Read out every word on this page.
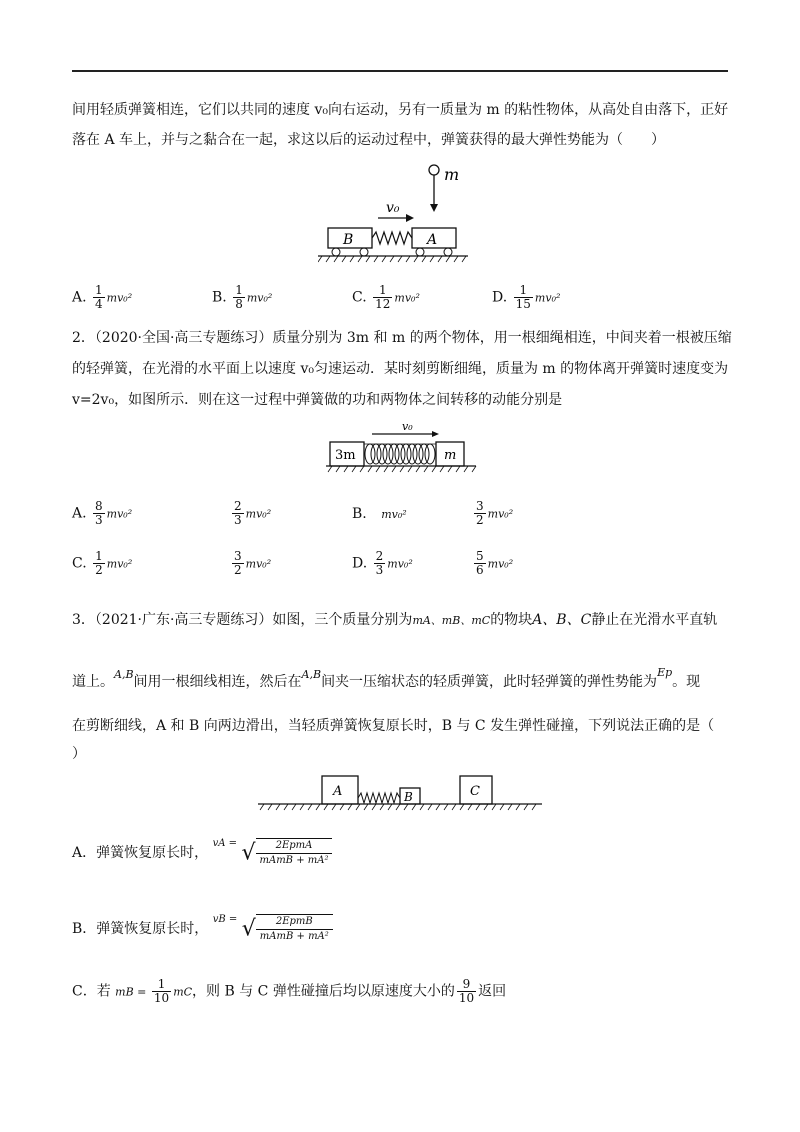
间用轻质弹簧相连，它们以共同的速度 v₀向右运动，另有一质量为 m 的粘性物体，从高处自由落下，正好
落在 A 车上，并与之黏合在一起，求这以后的运动过程中，弹簧获得的最大弹性势能为（　　）
m
v₀
B	A
A. $\frac{1}{4} mv_0^2$	B. $\frac{1}{8} mv_0^2$	C. $\frac{1}{12} mv_0^2$	D. $\frac{1}{15} mv_0^2$
2．（2020·全国·高三专题练习）质量分别为 3m 和 m 的两个物体，用一根细绳相连，中间夹着一根被压缩
的轻弹簧，在光滑的水平面上以速度 v₀匀速运动．某时刻剪断细绳，质量为 m 的物体离开弹簧时速度变为
v=2v₀，如图所示．则在这一过程中弹簧做的功和两物体之间转移的动能分别是
v₀
3m	m
A. $\frac{8}{3} mv_0^2$	$\frac{2}{3} mv_0^2$	B. mv₀²	$\frac{3}{2} mv_0^2$
C. $\frac{1}{2} mv_0^2$	$\frac{3}{2} mv_0^2$	D. $\frac{2}{3} mv_0^2$	$\frac{5}{6} mv_0^2$
3．（2021·广东·高三专题练习）如图，三个质量分别为mA、mB、mC的物块A、B、C静止在光滑水平直轨
道上。$^{A,B}$间用一根细线相连，然后在$^{A,B}$间夹一压缩状态的轻质弹簧，此时轻弹簧的弹性势能为$^{Ep}$。现
在剪断细线，A 和 B 向两边滑出，当轻质弹簧恢复原长时，B 与 C 发生弹性碰撞，下列说法正确的是（
）
A	B	C
A．弹簧恢复原长时， vA = √	2EpmA
mAmB + mA²
B．弹簧恢复原长时， vB = √	2EpmB
mAmB + mA²
C．若 mB = $\frac{1}{10}$ mC，则 B 与 C 弹性碰撞后均以原速度大小的 $\frac{9}{10}$ 返回
